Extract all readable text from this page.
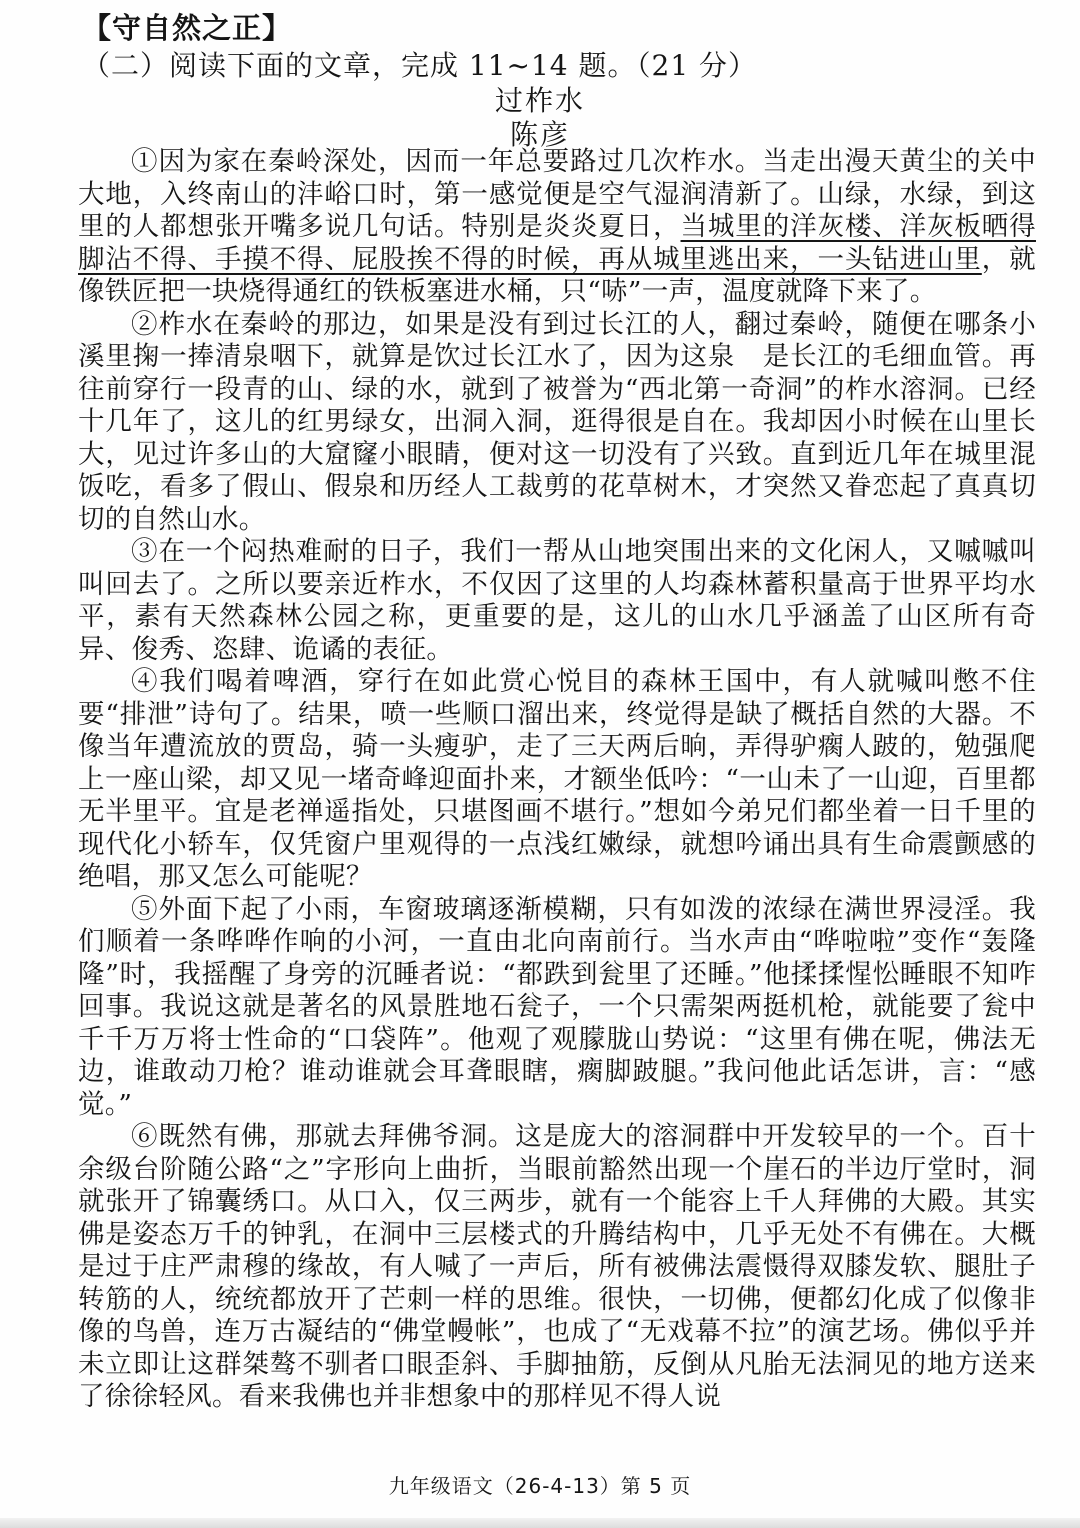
【守自然之正】
（二）阅读下面的文章，完成 11~14 题。（21 分）
过柞水
陈彦

①因为家在秦岭深处，因而一年总要路过几次柞水。当走出漫天黄尘的关中大地，入终南山的沣峪口时，第一感觉便是空气湿润清新了。山绿，水绿，到这里的人都想张开嘴多说几句话。特别是炎炎夏日，当城里的洋灰楼、洋灰板晒得脚沾不得、手摸不得、屁股挨不得的时候，再从城里逃出来，一头钻进山里，就像铁匠把一块烧得通红的铁板塞进水桶，只“哧”一声，温度就降下来了。

②柞水在秦岭的那边，如果是没有到过长江的人，翻过秦岭，随便在哪条小溪里掬一捧清泉咽下，就算是饮过长江水了，因为这泉　是长江的毛细血管。再往前穿行一段青的山、绿的水，就到了被誉为“西北第一奇洞”的柞水溶洞。已经十几年了，这儿的红男绿女，出洞入洞，逛得很是自在。我却因小时候在山里长大，见过许多山的大窟窿小眼睛，便对这一切没有了兴致。直到近几年在城里混饭吃，看多了假山、假泉和历经人工裁剪的花草树木，才突然又眷恋起了真真切切的自然山水。

③在一个闷热难耐的日子，我们一帮从山地突围出来的文化闲人，又嘁嘁叫叫回去了。之所以要亲近柞水，不仅因了这里的人均森林蓄积量高于世界平均水平，素有天然森林公园之称，更重要的是，这儿的山水几乎涵盖了山区所有奇异、俊秀、恣肆、诡谲的表征。

④我们喝着啤酒，穿行在如此赏心悦目的森林王国中，有人就喊叫憋不住要“排泄”诗句了。结果，喷一些顺口溜出来，终觉得是缺了概括自然的大器。不像当年遭流放的贾岛，骑一头瘦驴，走了三天两后晌，弄得驴瘸人跛的，勉强爬上一座山梁，却又见一堵奇峰迎面扑来，才额坐低吟：“一山未了一山迎，百里都无半里平。宜是老禅遥指处，只堪图画不堪行。”想如今弟兄们都坐着一日千里的现代化小轿车，仅凭窗户里观得的一点浅红嫩绿，就想吟诵出具有生命震颤感的绝唱，那又怎么可能呢？

⑤外面下起了小雨，车窗玻璃逐渐模糊，只有如泼的浓绿在满世界浸淫。我们顺着一条哗哗作响的小河，一直由北向南前行。当水声由“哗啦啦”变作“轰隆隆”时，我摇醒了身旁的沉睡者说：“都跌到瓮里了还睡。”他揉揉惺忪睡眼不知咋回事。我说这就是著名的风景胜地石瓮子，一个只需架两挺机枪，就能要了瓮中千千万万将士性命的“口袋阵”。他观了观朦胧山势说：“这里有佛在呢，佛法无边，谁敢动刀枪？谁动谁就会耳聋眼瞎，瘸脚跛腿。”我问他此话怎讲，言：“感觉。”

⑥既然有佛，那就去拜佛爷洞。这是庞大的溶洞群中开发较早的一个。百十余级台阶随公路“之”字形向上曲折，当眼前豁然出现一个崖石的半边厅堂时，洞就张开了锦囊绣口。从口入，仅三两步，就有一个能容上千人拜佛的大殿。其实佛是姿态万千的钟乳，在洞中三层楼式的升腾结构中，几乎无处不有佛在。大概是过于庄严肃穆的缘故，有人喊了一声后，所有被佛法震慑得双膝发软、腿肚子转筋的人，统统都放开了芒刺一样的思维。很快，一切佛，便都幻化成了似像非像的鸟兽，连万古凝结的“佛堂幔帐”，也成了“无戏幕不拉”的演艺场。佛似乎并未立即让这群桀骜不驯者口眼歪斜、手脚抽筋，反倒从凡胎无法洞见的地方送来了徐徐轻风。看来我佛也并非想象中的那样见不得人说

九年级语文（26-4-13）第 5 页
